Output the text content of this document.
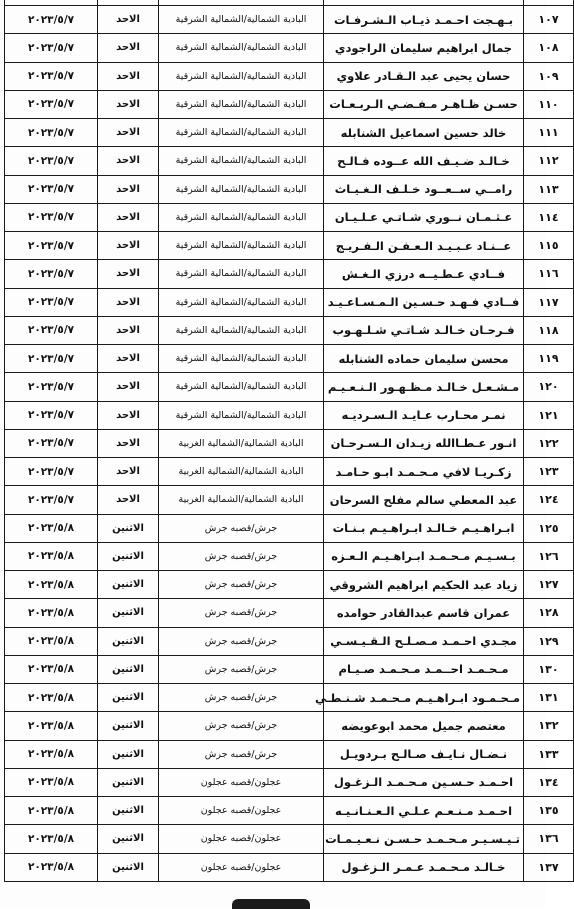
١٠٧	بـهـجت احـمـد ذيـاب الـشـرفـات	البادية الشمالية/الشمالية الشرقية	الاحد	٢٠٢٣/٥/٧
١٠٨	جمال ابراهيم سليمان الراجودي	البادية الشمالية/الشمالية الشرقية	الاحد	٢٠٢٣/٥/٧
١٠٩	حسان يحيى عبد الـقـادر علاوي	البادية الشمالية/الشمالية الشرقية	الاحد	٢٠٢٣/٥/٧
١١٠	حسـن ظـاهـر مـفـضـي الـربـعـات	البادية الشمالية/الشمالية الشرقية	الاحد	٢٠٢٣/٥/٧
١١١	خالد حسين اسماعيل الشنابله	البادية الشمالية/الشمالية الشرقية	الاحد	٢٠٢٣/٥/٧
١١٢	خـالـد ضـيـف الله عــوده فـالـح	البادية الشمالية/الشمالية الشرقية	الاحد	٢٠٢٣/٥/٧
١١٣	رامــي ســعــود خـلـف الـغـيـاث	البادية الشمالية/الشمالية الشرقية	الاحد	٢٠٢٣/٥/٧
١١٤	عـثـمـان نــوري شـاتـي عـلـيـان	البادية الشمالية/الشمالية الشرقية	الاحد	٢٠٢٣/٥/٧
١١٥	عــنـاد عـبـيـد الـعـفـن الـفـريـج	البادية الشمالية/الشمالية الشرقية	الاحد	٢٠٢٣/٥/٧
١١٦	فــادي عـطـيــه درزي الـغـش	البادية الشمالية/الشمالية الشرقية	الاحد	٢٠٢٣/٥/٧
١١٧	فــادي فـهـد حـسـين الـمـسـاعـيـد	البادية الشمالية/الشمالية الشرقية	الاحد	٢٠٢٣/٥/٧
١١٨	فـرحـان خـالـد شـاتـي شـلـهـوب	البادية الشمالية/الشمالية الشرقية	الاحد	٢٠٢٣/٥/٧
١١٩	محسن سليمان حماده الشنابله	البادية الشمالية/الشمالية الشرقية	الاحد	٢٠٢٣/٥/٧
١٢٠	مـشـعـل خـالـد مـظـهـور الـنـعـيـم	البادية الشمالية/الشمالية الشرقية	الاحد	٢٠٢٣/٥/٧
١٢١	نمـر محـارب عـايـد الـسـرديـه	البادية الشمالية/الشمالية الشرقية	الاحد	٢٠٢٣/٥/٧
١٢٢	انـور عـطـاالله زيـدان الـسـرحـان	البادية الشمالية/الشمالية الغربية	الاحد	٢٠٢٣/٥/٧
١٢٣	زكـريـا لافي مـحـمـد ابـو حـامـد	البادية الشمالية/الشمالية الغربية	الاحد	٢٠٢٣/٥/٧
١٢٤	عبد المعطي سالم مفلح السرحان	البادية الشمالية/الشمالية الغربية	الاحد	٢٠٢٣/٥/٧
١٢٥	ابـراهـيـم خـالـد ابـراهـيـم بـنـات	جرش/قصبه جرش	الاثنين	٢٠٢٣/٥/٨
١٢٦	بـسـيـم مـحـمـد ابـراهـيـم الـعـزه	جرش/قصبه جرش	الاثنين	٢٠٢٣/٥/٨
١٢٧	زياد عبد الحكيم ابراهيم الشروقي	جرش/قصبه جرش	الاثنين	٢٠٢٣/٥/٨
١٢٨	عمران قاسم عبدالقادر حوامده	جرش/قصبه جرش	الاثنين	٢٠٢٣/٥/٨
١٢٩	مجـدي احـمـد مـصـلـح الـقـيـسـي	جرش/قصبه جرش	الاثنين	٢٠٢٣/٥/٨
١٣٠	مـحـمـد احــمـد مـحـمـد صـيـام	جرش/قصبه جرش	الاثنين	٢٠٢٣/٥/٨
١٣١	مـحـمـود ابـراهـيـم مـحـمـد شـنـطـي	جرش/قصبه جرش	الاثنين	٢٠٢٣/٥/٨
١٣٢	معتصم جميل محمد ابوعويضه	جرش/قصبه جرش	الاثنين	٢٠٢٣/٥/٨
١٣٣	نـضـال نـايـف صـالـح بـردويـل	جرش/قصبه جرش	الاثنين	٢٠٢٣/٥/٨
١٣٤	احـمـد حـسـين مـحـمـد الـزغـول	عجلون/قصبه عجلون	الاثنين	٢٠٢٣/٥/٨
١٣٥	احـمـد مـنـعـم عـلـي الـعـنـانـيـه	عجلون/قصبه عجلون	الاثنين	٢٠٢٣/٥/٨
١٣٦	تـيـسـيـر مـحـمـد حـسـن نـعـيـمـات	عجلون/قصبه عجلون	الاثنين	٢٠٢٣/٥/٨
١٣٧	خـالـد مـحـمـد عـمـر الـزغـول	عجلون/قصبه عجلون	الاثنين	٢٠٢٣/٥/٨
